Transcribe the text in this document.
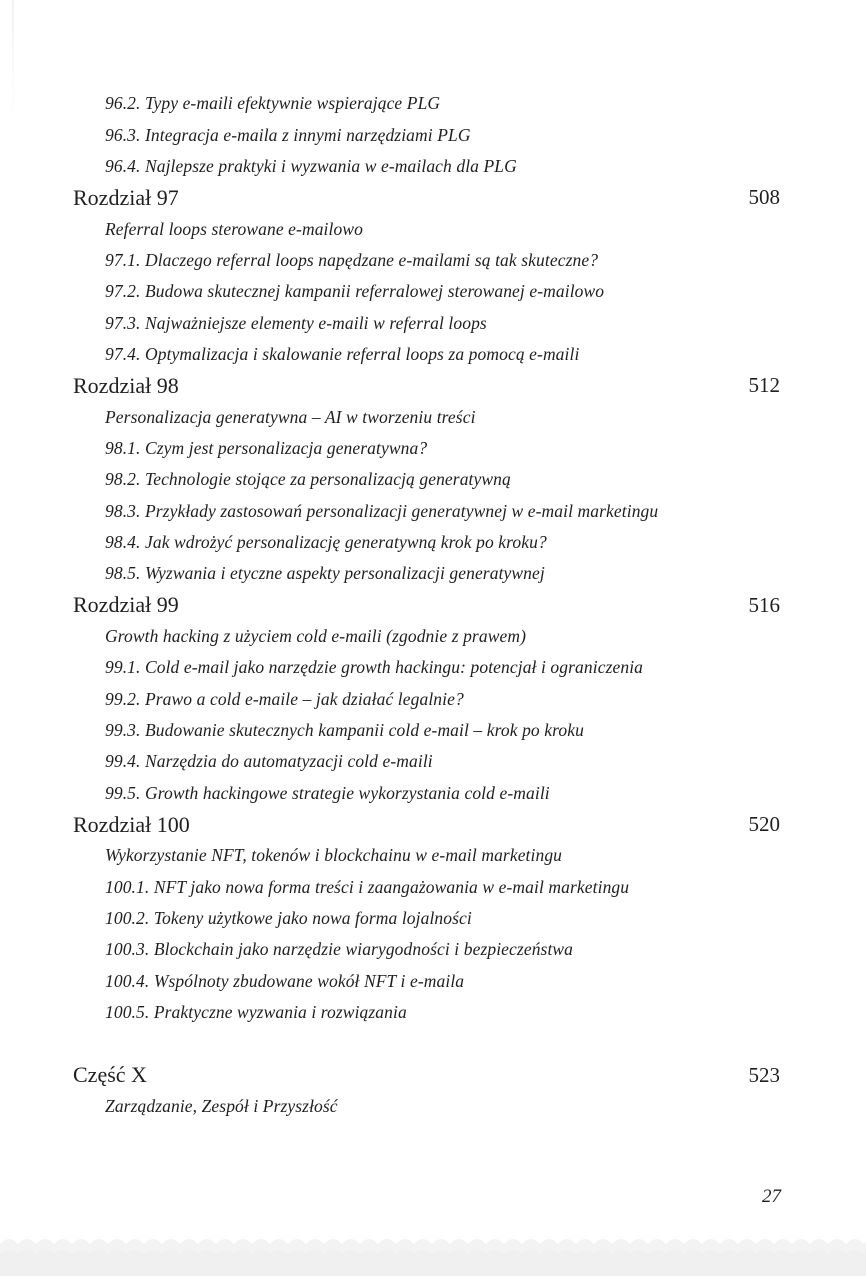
96.2. Typy e-maili efektywnie wspierające PLG
96.3. Integracja e-maila z innymi narzędziami PLG
96.4. Najlepsze praktyki i wyzwania w e-mailach dla PLG
Rozdział 97	508
Referral loops sterowane e-mailowo
97.1. Dlaczego referral loops napędzane e-mailami są tak skuteczne?
97.2. Budowa skutecznej kampanii referralowej sterowanej e-mailowo
97.3. Najważniejsze elementy e-maili w referral loops
97.4. Optymalizacja i skalowanie referral loops za pomocą e-maili
Rozdział 98	512
Personalizacja generatywna – AI w tworzeniu treści
98.1. Czym jest personalizacja generatywna?
98.2. Technologie stojące za personalizacją generatywną
98.3. Przykłady zastosowań personalizacji generatywnej w e-mail marketingu
98.4. Jak wdrożyć personalizację generatywną krok po kroku?
98.5. Wyzwania i etyczne aspekty personalizacji generatywnej
Rozdział 99	516
Growth hacking z użyciem cold e-maili (zgodnie z prawem)
99.1. Cold e-mail jako narzędzie growth hackingu: potencjał i ograniczenia
99.2. Prawo a cold e-maile – jak działać legalnie?
99.3. Budowanie skutecznych kampanii cold e-mail – krok po kroku
99.4. Narzędzia do automatyzacji cold e-maili
99.5. Growth hackingowe strategie wykorzystania cold e-maili
Rozdział 100	520
Wykorzystanie NFT, tokenów i blockchainu w e-mail marketingu
100.1. NFT jako nowa forma treści i zaangażowania w e-mail marketingu
100.2. Tokeny użytkowe jako nowa forma lojalności
100.3. Blockchain jako narzędzie wiarygodności i bezpieczeństwa
100.4. Wspólnoty zbudowane wokół NFT i e-maila
100.5. Praktyczne wyzwania i rozwiązania
Część X	523
Zarządzanie, Zespół i Przyszłość
27
